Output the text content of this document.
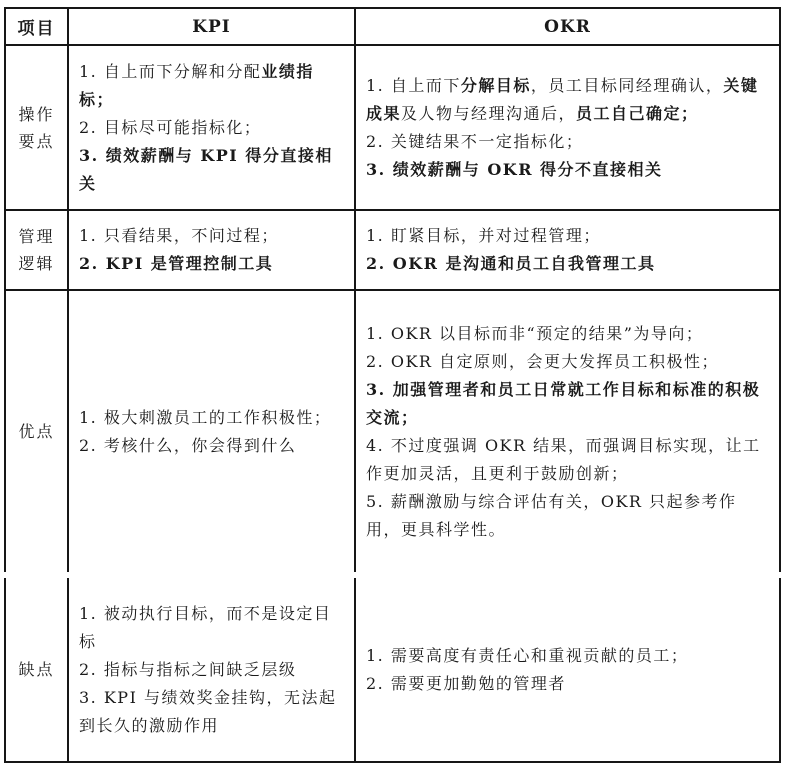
项目	KPI	OKR
操作要点
1. 自上而下分解和分配业绩指标；
2. 目标尽可能指标化；
3. 绩效薪酬与 KPI 得分直接相关
1. 自上而下分解目标，员工目标同经理确认，关键成果及人物与经理沟通后，员工自己确定；
2. 关键结果不一定指标化；
3. 绩效薪酬与 OKR 得分不直接相关
管理逻辑
1. 只看结果，不问过程；
2. KPI 是管理控制工具
1. 盯紧目标，并对过程管理；
2. OKR 是沟通和员工自我管理工具
优点
1. 极大刺激员工的工作积极性；
2. 考核什么，你会得到什么
1. OKR 以目标而非“预定的结果”为导向；
2. OKR 自定原则，会更大发挥员工积极性；
3. 加强管理者和员工日常就工作目标和标准的积极交流；
4. 不过度强调 OKR 结果，而强调目标实现，让工作更加灵活，且更利于鼓励创新；
5. 薪酬激励与综合评估有关，OKR 只起参考作用，更具科学性。
缺点
1. 被动执行目标，而不是设定目标
2. 指标与指标之间缺乏层级
3. KPI 与绩效奖金挂钩，无法起到长久的激励作用
1. 需要高度有责任心和重视贡献的员工；
2. 需要更加勤勉的管理者
